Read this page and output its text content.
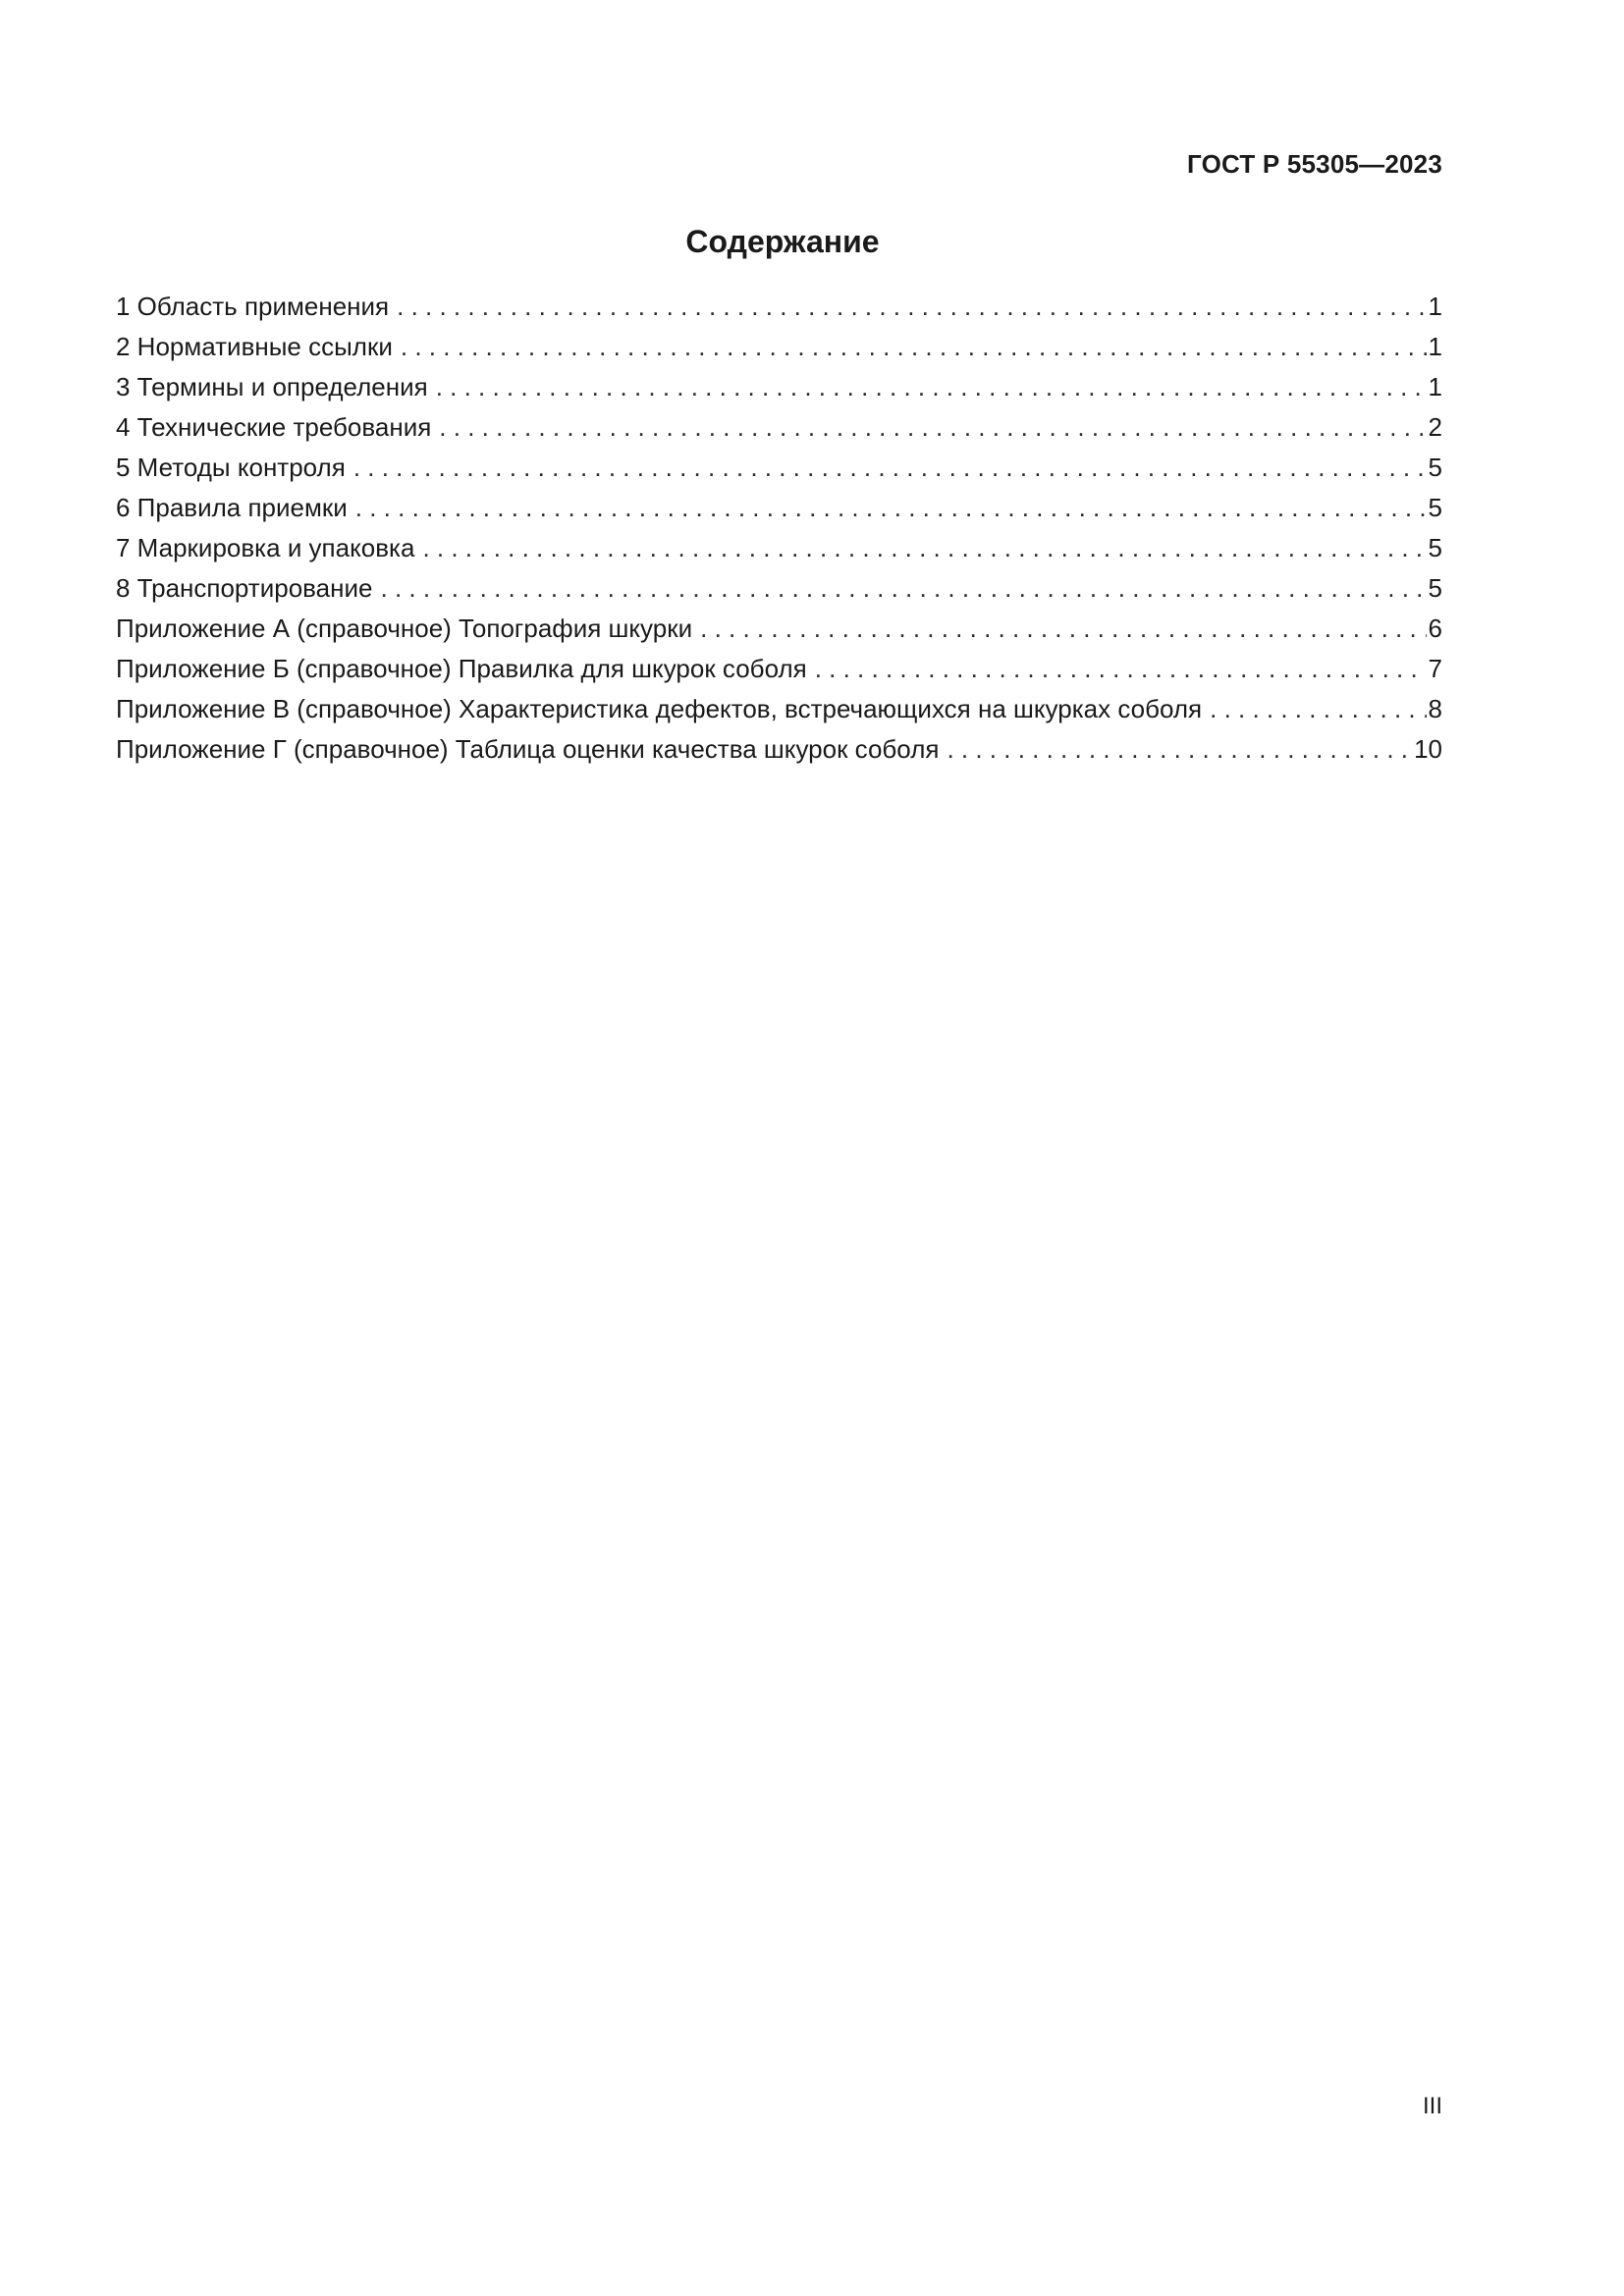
ГОСТ Р 55305—2023
Содержание
1 Область применения . . .	1
2 Нормативные ссылки . . .	1
3 Термины и определения . . .	1
4 Технические требования . . .	2
5 Методы контроля . . .	5
6 Правила приемки . . .	5
7 Маркировка и упаковка . . .	5
8 Транспортирование . . .	5
Приложение А (справочное) Топография шкурки . . .	6
Приложение Б (справочное) Правилка для шкурок соболя . . .	7
Приложение В (справочное) Характеристика дефектов, встречающихся на шкурках соболя . . .	8
Приложение Г (справочное) Таблица оценки качества шкурок соболя . . .	10
III
